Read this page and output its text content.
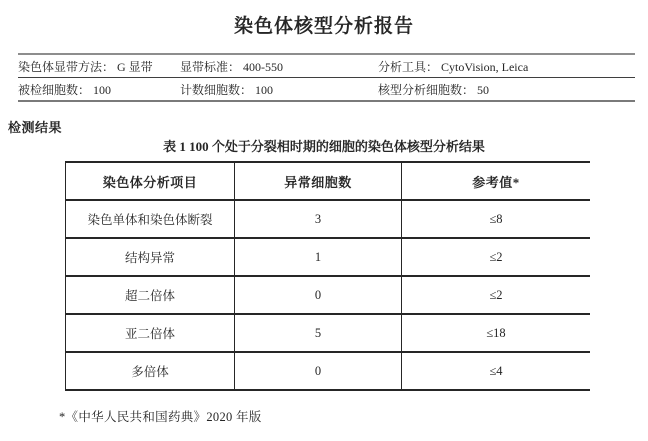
染色体核型分析报告
染色体显带方法： G 显带	显带标准： 400-550	分析工具： CytoVision, Leica
被检细胞数： 100	计数细胞数： 100	核型分析细胞数： 50
检测结果
表 1 100 个处于分裂相时期的细胞的染色体核型分析结果
染色体分析项目	异常细胞数	参考值*
染色单体和染色体断裂	3	≤8
结构异常	1	≤2
超二倍体	0	≤2
亚二倍体	5	≤18
多倍体	0	≤4
*《中华人民共和国药典》2020 年版
